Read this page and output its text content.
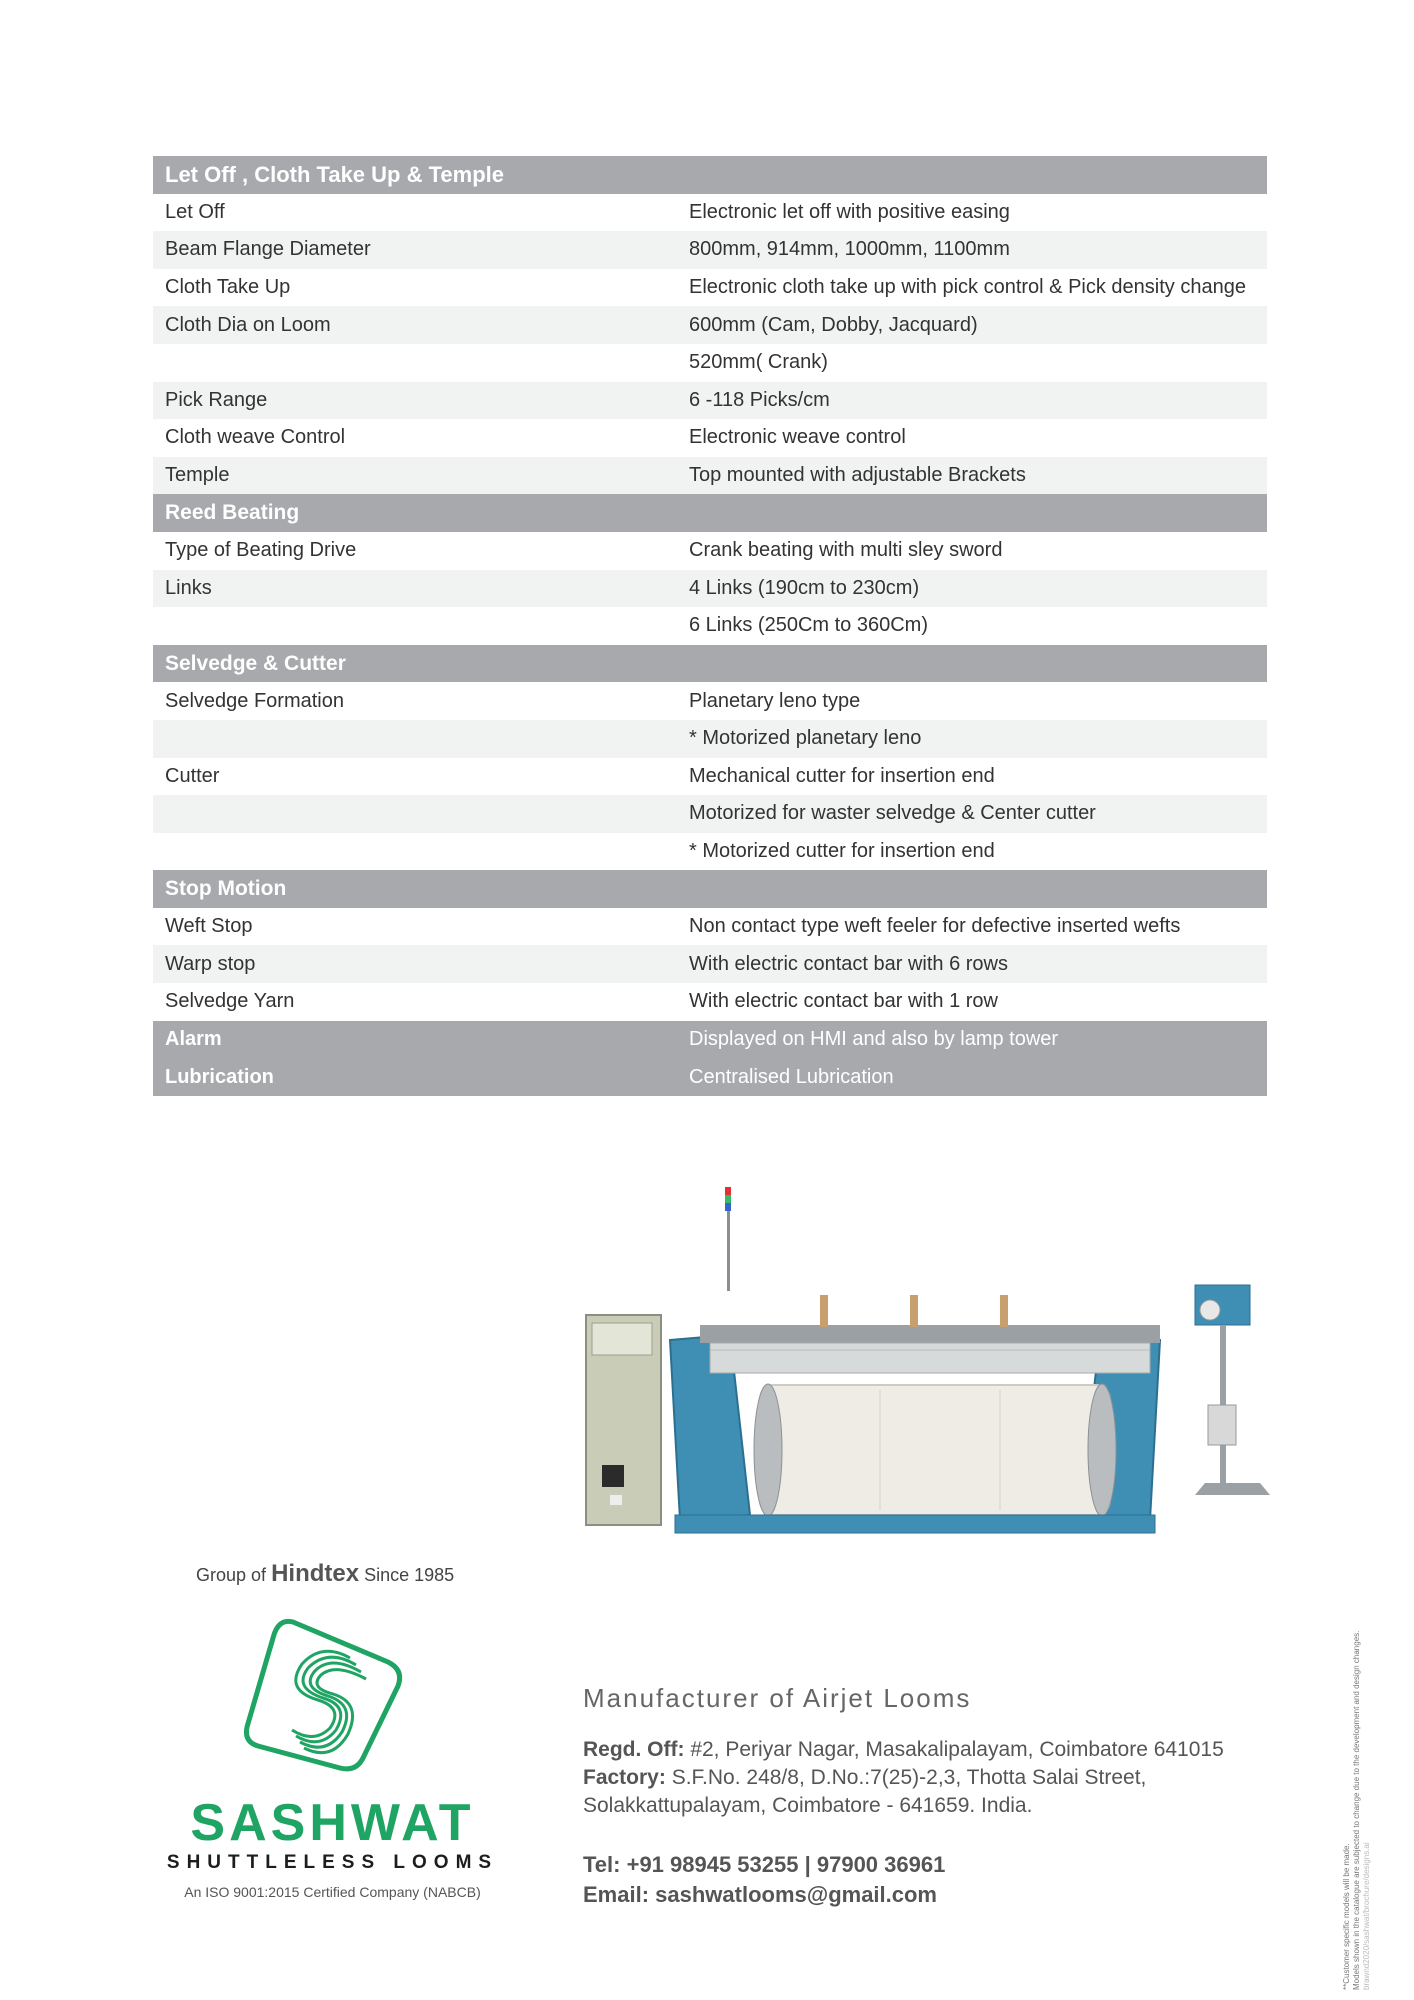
Let Off , Cloth Take Up & Temple	
Let Off	Electronic let off with positive easing
Beam Flange Diameter	800mm, 914mm, 1000mm, 1100mm
Cloth Take Up	Electronic cloth take up with pick control & Pick density change
Cloth Dia on Loom	600mm (Cam, Dobby, Jacquard)
	520mm( Crank)
Pick Range	6 -118 Picks/cm
Cloth weave Control	Electronic weave control
Temple	Top mounted with adjustable Brackets
Reed Beating	
Type of Beating Drive	Crank beating with multi sley sword
Links	4 Links (190cm to 230cm)
	6 Links (250Cm to 360Cm)
Selvedge & Cutter	
Selvedge Formation	Planetary leno type
	* Motorized planetary leno
Cutter	Mechanical cutter for insertion end
	Motorized for waster selvedge & Center cutter
	* Motorized cutter for insertion end
Stop Motion	
Weft Stop	Non contact type weft feeler for defective inserted wefts
Warp stop	With electric contact bar with 6 rows
Selvedge Yarn	With electric contact bar with 1 row
Alarm	Displayed on HMI and also by lamp tower
Lubrication	Centralised Lubrication
Group of Hindtex Since 1985
SASHWAT
SHUTTLELESS LOOMS
An ISO 9001:2015 Certified Company (NABCB)
Manufacturer of Airjet Looms
Regd. Off: #2, Periyar Nagar, Masakalipalayam, Coimbatore 641015
Factory: S.F.No. 248/8, D.No.:7(25)-2,3, Thotta Salai Street,
Solakkattupalayam, Coimbatore - 641659. India.
Tel: +91 98945 53255 | 97900 36961
Email: sashwatlooms@gmail.com	**Customer specific models will be made. Models shown in the catalogue are subjected to change due to the development and design changes. brawnd2020/sashwat/brochure/designs.ai
